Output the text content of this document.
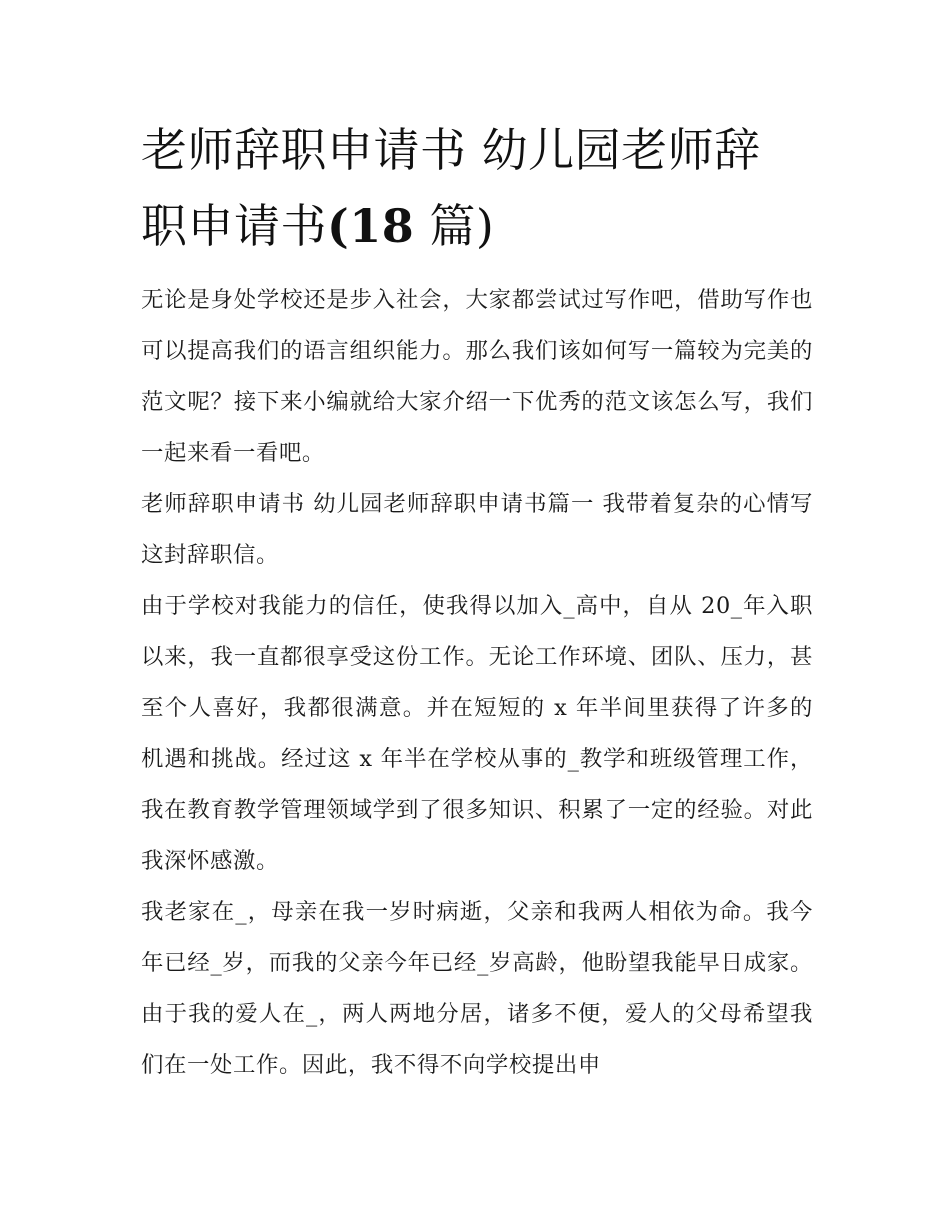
老师辞职申请书 幼儿园老师辞
职申请书(18 篇)

无论是身处学校还是步入社会，大家都尝试过写作吧，借助写作也可以提高我们的语言组织能力。那么我们该如何写一篇较为完美的范文呢？接下来小编就给大家介绍一下优秀的范文该怎么写，我们一起来看一看吧。

老师辞职申请书 幼儿园老师辞职申请书篇一 我带着复杂的心情写这封辞职信。

由于学校对我能力的信任，使我得以加入_高中，自从 20_年入职以来，我一直都很享受这份工作。无论工作环境、团队、压力，甚至个人喜好，我都很满意。并在短短的 x 年半间里获得了许多的机遇和挑战。经过这 x 年半在学校从事的_教学和班级管理工作，我在教育教学管理领域学到了很多知识、积累了一定的经验。对此我深怀感激。

我老家在_，母亲在我一岁时病逝，父亲和我两人相依为命。我今年已经_岁，而我的父亲今年已经_岁高龄，他盼望我能早日成家。由于我的爱人在_，两人两地分居，诸多不便，爱人的父母希望我们在一处工作。因此，我不得不向学校提出申
